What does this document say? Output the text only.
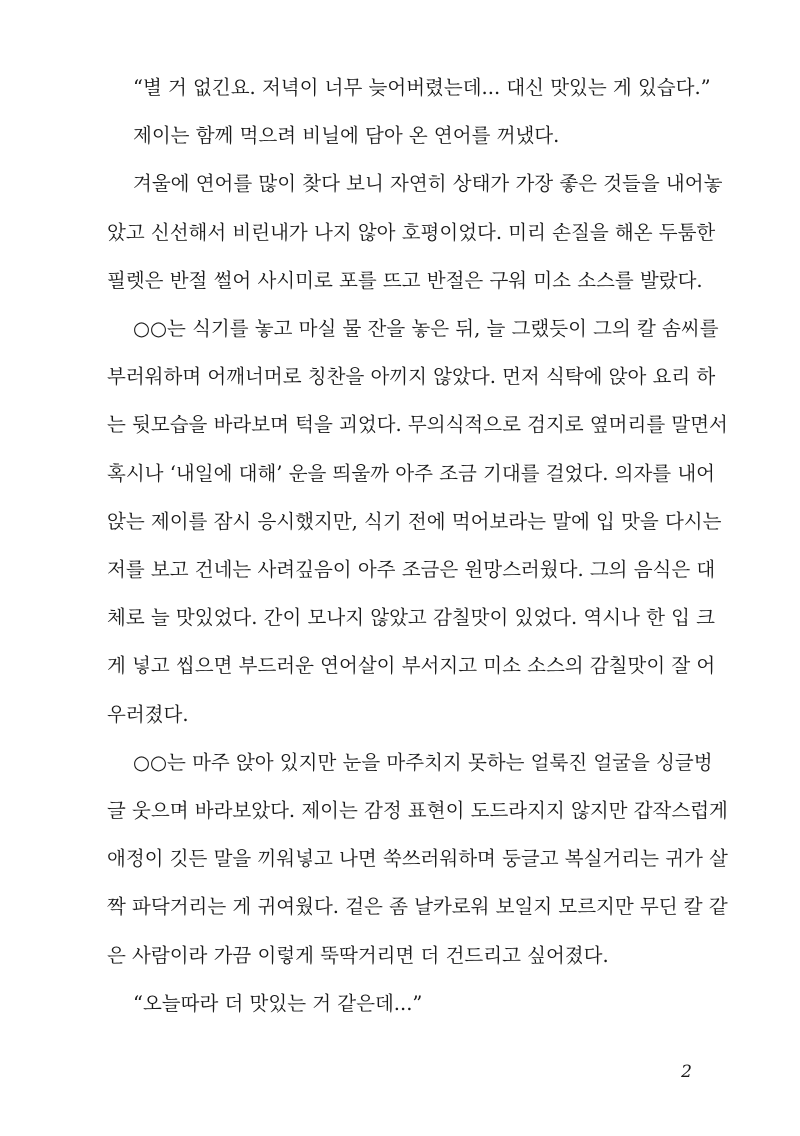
“별 거 없긴요. 저녁이 너무 늦어버렸는데... 대신 맛있는 게 있습다.”
제이는 함께 먹으려 비닐에 담아 온 연어를 꺼냈다.
겨울에 연어를 많이 찾다 보니 자연히 상태가 가장 좋은 것들을 내어놓
았고 신선해서 비린내가 나지 않아 호평이었다. 미리 손질을 해온 두툼한
필렛은 반절 썰어 사시미로 포를 뜨고 반절은 구워 미소 소스를 발랐다.
○○는 식기를 놓고 마실 물 잔을 놓은 뒤, 늘 그랬듯이 그의 칼 솜씨를
부러워하며 어깨너머로 칭찬을 아끼지 않았다. 먼저 식탁에 앉아 요리 하
는 뒷모습을 바라보며 턱을 괴었다. 무의식적으로 검지로 옆머리를 말면서
혹시나 ‘내일에 대해’ 운을 띄울까 아주 조금 기대를 걸었다. 의자를 내어
앉는 제이를 잠시 응시했지만, 식기 전에 먹어보라는 말에 입 맛을 다시는
저를 보고 건네는 사려깊음이 아주 조금은 원망스러웠다. 그의 음식은 대
체로 늘 맛있었다. 간이 모나지 않았고 감칠맛이 있었다. 역시나 한 입 크
게 넣고 씹으면 부드러운 연어살이 부서지고 미소 소스의 감칠맛이 잘 어
우러졌다.
○○는 마주 앉아 있지만 눈을 마주치지 못하는 얼룩진 얼굴을 싱글벙
글 웃으며 바라보았다. 제이는 감정 표현이 도드라지지 않지만 갑작스럽게
애정이 깃든 말을 끼워넣고 나면 쑥쓰러워하며 둥글고 복실거리는 귀가 살
짝 파닥거리는 게 귀여웠다. 겉은 좀 날카로워 보일지 모르지만 무딘 칼 같
은 사람이라 가끔 이렇게 뚝딱거리면 더 건드리고 싶어졌다.
“오늘따라 더 맛있는 거 같은데...”
2
